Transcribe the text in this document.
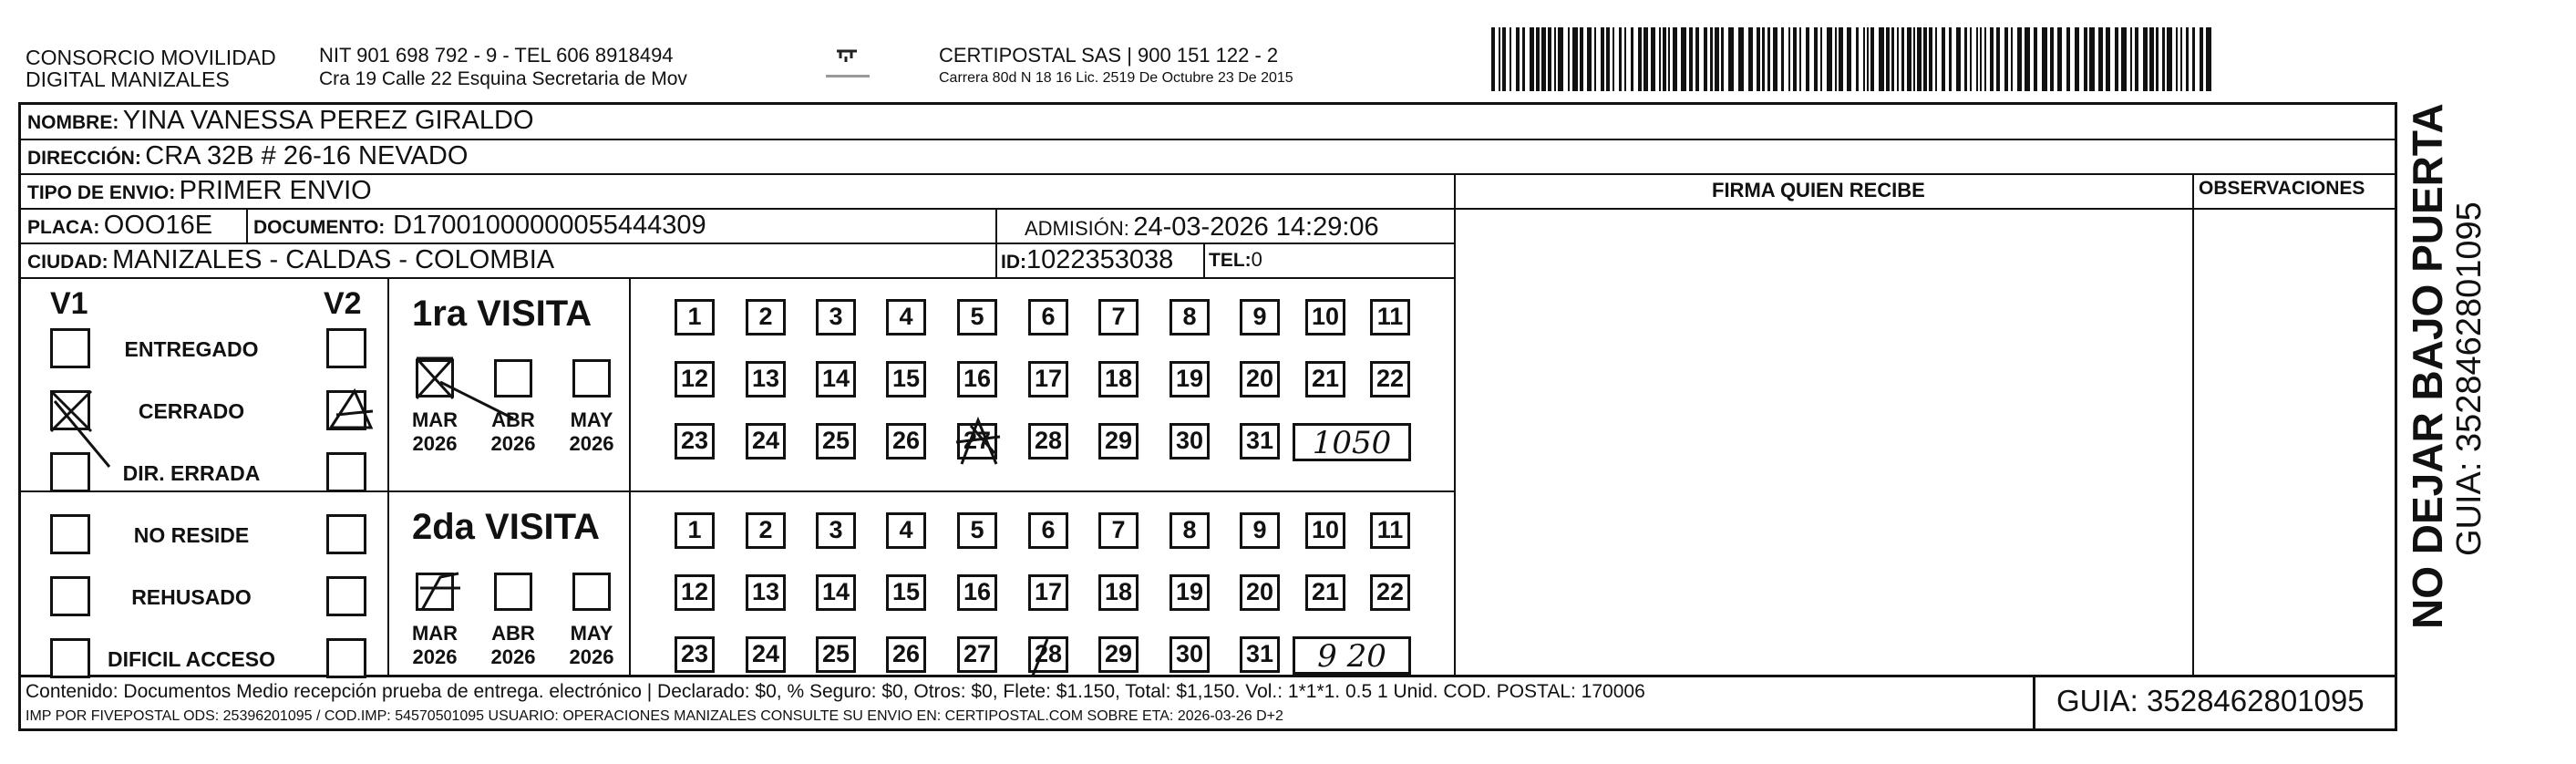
CONSORCIO MOVILIDAD
DIGITAL MANIZALES
NIT 901 698 792 - 9 - TEL 606 8918494
Cra 19 Calle 22 Esquina Secretaria de Mov
CERTIPOSTAL SAS | 900 151 122 - 2
Carrera 80d N 18 16 Lic. 2519 De Octubre 23 De 2015
NOMBRE: YINA VANESSA PEREZ GIRALDO
DIRECCIÓN: CRA 32B # 26-16 NEVADO
TIPO DE ENVIO: PRIMER ENVIO
PLACA: OOO16E DOCUMENTO: D17001000000055444309	ADMISIÓN: 24-03-2026 14:29:06
CIUDAD: MANIZALES - CALDAS - COLOMBIA	ID:1022353038 TEL:0
FIRMA QUIEN RECIBE	OBSERVACIONES
V1	V2
ENTREGADO
CERRADO
DIR. ERRADA
NO RESIDE
REHUSADO
DIFICIL ACCESO
1ra VISITA
MAR
2026
ABR
2026
MAY
2026
1	2	3	4	5	6	7	8	9	10 11
12 13 14 15 16 17 18 19 20 21 22
23 24 25 26 27 28 29 30 31	1050
2da VISITA
MAR
2026
ABR
2026
MAY
2026
1	2	3	4	5	6	7	8	9	10 11
12 13 14 15 16 17 18 19 20 21 22
23 24 25 26 27 28 29 30 31	9 20
Contenido: Documentos Medio recepción prueba de entrega. electrónico | Declarado: $0, % Seguro: $0, Otros: $0, Flete: $1.150, Total: $1,150. Vol.: 1*1*1. 0.5 1 Unid. COD. POSTAL: 170006
IMP POR FIVEPOSTAL ODS: 25396201095 / COD.IMP: 54570501095 USUARIO: OPERACIONES MANIZALES CONSULTE SU ENVIO EN: CERTIPOSTAL.COM SOBRE ETA: 2026-03-26 D+2	GUIA: 3528462801095
NO DEJAR BAJO PUERTA GUIA: 3528462801095
